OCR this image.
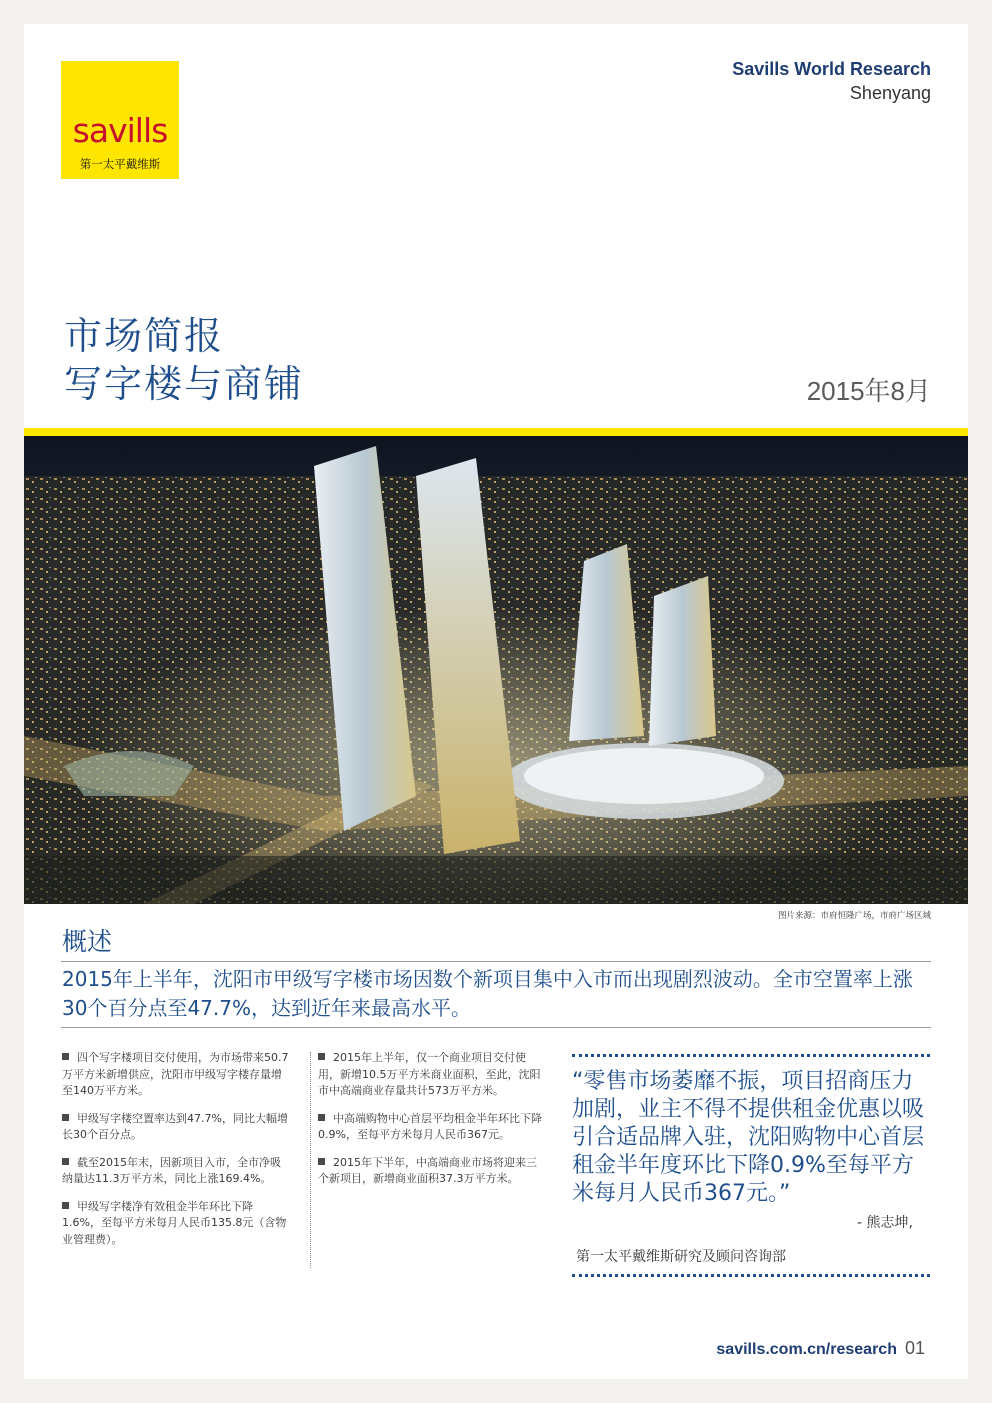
savills
第一太平戴维斯
Savills World Research
Shenyang
市场简报
写字楼与商铺	2015年8月
图片来源：市府恒隆广场，市府广场区域
概述
2015年上半年，沈阳市甲级写字楼市场因数个新项目集中入市而出现剧烈波动。全市空置率上涨30个百分点至47.7%，达到近年来最高水平。
四个写字楼项目交付使用，为市场带来50.7万平方米新增供应，沈阳市甲级写字楼存量增至140万平方米。
甲级写字楼空置率达到47.7%，同比大幅增长30个百分点。
截至2015年末，因新项目入市，全市净吸纳量达11.3万平方米，同比上涨169.4%。
甲级写字楼净有效租金半年环比下降1.6%，至每平方米每月人民币135.8元（含物业管理费）。
2015年上半年，仅一个商业项目交付使用，新增10.5万平方米商业面积，至此，沈阳市中高端商业存量共计573万平方米。
中高端购物中心首层平均租金半年环比下降0.9%，至每平方米每月人民币367元。
2015年下半年，中高端商业市场将迎来三个新项目，新增商业面积37.3万平方米。
“零售市场萎靡不振，项目招商压力加剧，业主不得不提供租金优惠以吸引合适品牌入驻，沈阳购物中心首层租金半年度环比下降0.9%至每平方米每月人民币367元。”
- 熊志坤,
第一太平戴维斯研究及顾问咨询部
savills.com.cn/research 01
